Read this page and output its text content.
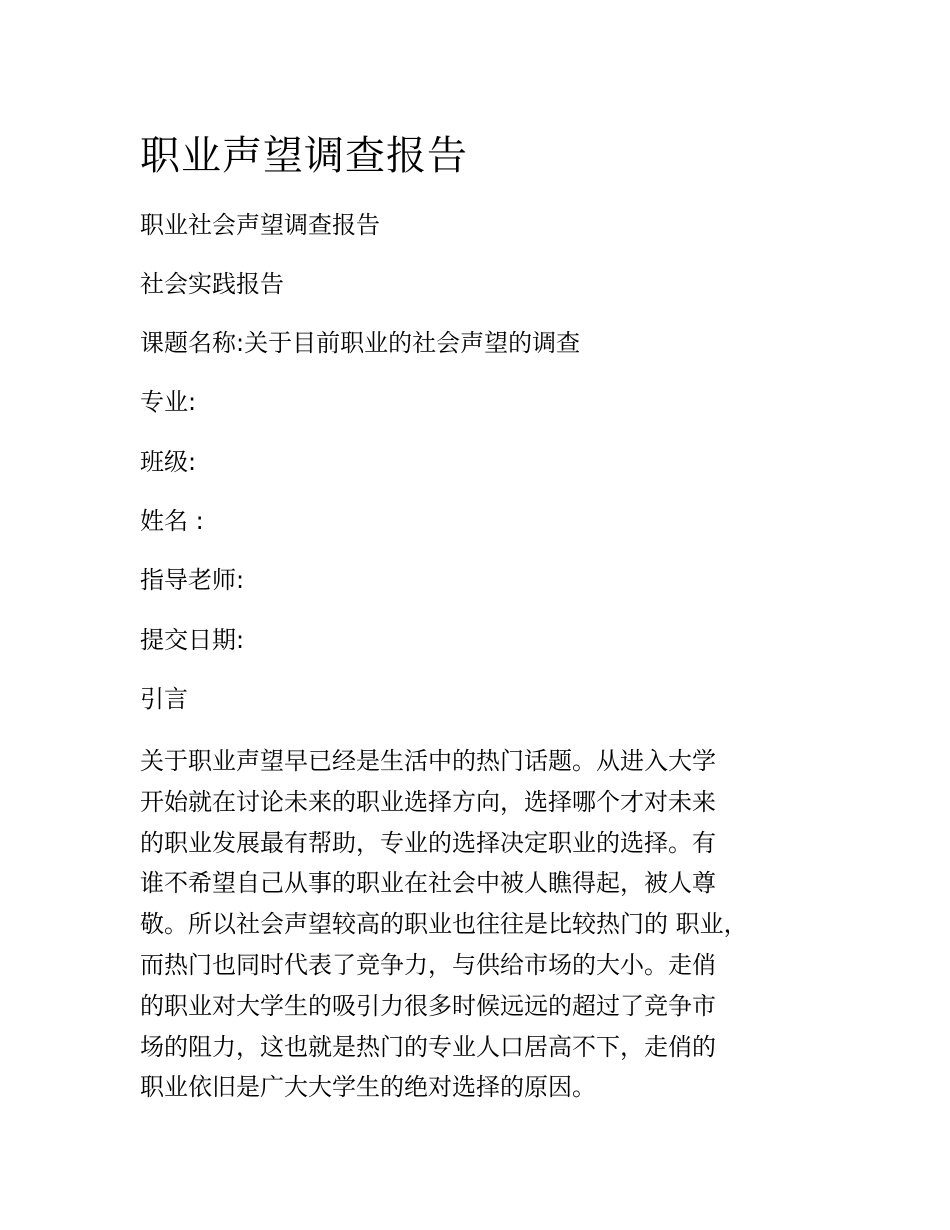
职业声望调查报告

职业社会声望调查报告

社会实践报告

课题名称:关于目前职业的社会声望的调查

专业:

班级:

姓名 :

指导老师:

提交日期:

引言

关于职业声望早已经是生活中的热门话题。从进入大学
开始就在讨论未来的职业选择方向，选择哪个才对未来
的职业发展最有帮助，专业的选择决定职业的选择。有
谁不希望自己从事的职业在社会中被人瞧得起，被人尊
敬。所以社会声望较高的职业也往往是比较热门的 职业，
而热门也同时代表了竞争力，与供给市场的大小。走俏
的职业对大学生的吸引力很多时候远远的超过了竞争市
场的阻力，这也就是热门的专业人口居高不下，走俏的
职业依旧是广大大学生的绝对选择的原因。
